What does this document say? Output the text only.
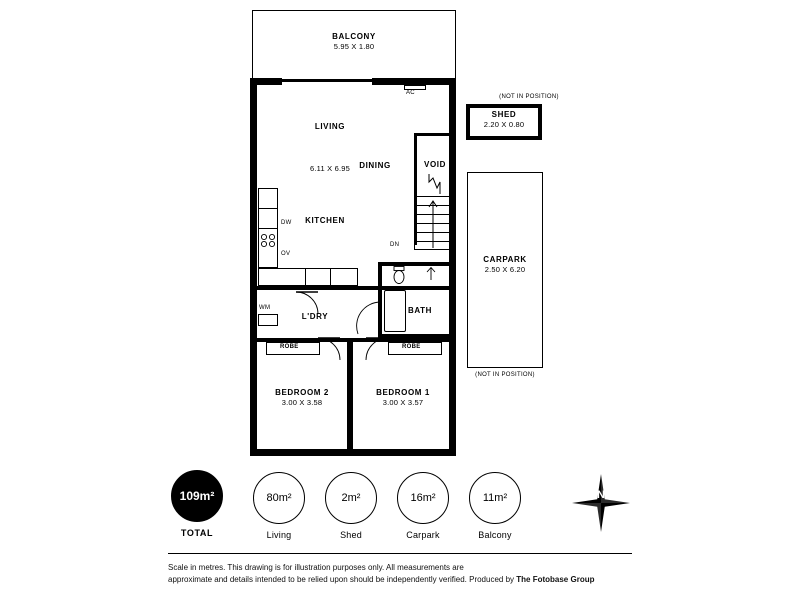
BALCONY
5.95 X 1.80
AC
LIVING
6.11 X 6.95	DINING	VOID
DN
KITCHEN
DW
OV
BATH
L'DRY
WM
ROBE	ROBE
BEDROOM 2
3.00 X 3.58
BEDROOM 1
3.00 X 3.57
(NOT IN POSITION)
SHED
2.20 X 0.80
CARPARK
2.50 X 6.20
(NOT IN POSITION)
109m²
TOTAL
80m²
Living
2m²
Shed
16m²
Carpark
11m²
Balcony
N
Scale in metres. This drawing is for illustration purposes only. All measurements are
approximate and details intended to be relied upon should be independently verified. Produced by The Fotobase Group
